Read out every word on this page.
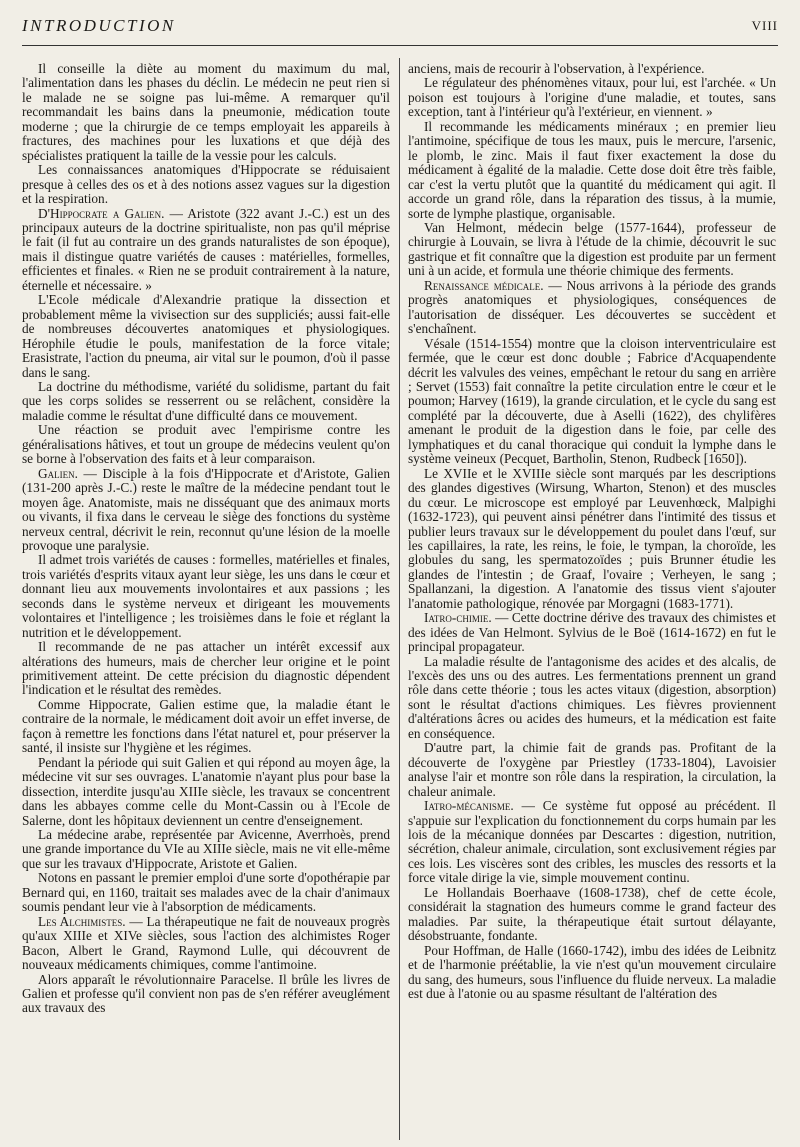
INTRODUCTION	VIII

Il conseille la diète au moment du maximum du mal, l'alimentation dans les phases du déclin. Le médecin ne peut rien si le malade ne se soigne pas lui-même. A remarquer qu'il recommandait les bains dans la pneumonie, médication toute moderne ; que la chirurgie de ce temps employait les appareils à fractures, des machines pour les luxations et que déjà des spécialistes pratiquent la taille de la vessie pour les calculs.

Les connaissances anatomiques d'Hippocrate se réduisaient presque à celles des os et à des notions assez vagues sur la digestion et la respiration.

D'Hippocrate a Galien. — Aristote (322 avant J.-C.) est un des principaux auteurs de la doctrine spiritualiste, non pas qu'il méprise le fait (il fut au contraire un des grands naturalistes de son époque), mais il distingue quatre variétés de causes : matérielles, formelles, efficientes et finales. « Rien ne se produit contrairement à la nature, éternelle et nécessaire. »

L'Ecole médicale d'Alexandrie pratique la dissection et probablement même la vivisection sur des suppliciés; aussi fait-elle de nombreuses découvertes anatomiques et physiologiques. Hérophile étudie le pouls, manifestation de la force vitale; Erasistrate, l'action du pneuma, air vital sur le poumon, d'où il passe dans le sang.

La doctrine du méthodisme, variété du solidisme, partant du fait que les corps solides se resserrent ou se relâchent, considère la maladie comme le résultat d'une difficulté dans ce mouvement.

Une réaction se produit avec l'empirisme contre les généralisations hâtives, et tout un groupe de médecins veulent qu'on se borne à l'observation des faits et à leur comparaison.

Galien. — Disciple à la fois d'Hippocrate et d'Aristote, Galien (131-200 après J.-C.) reste le maître de la médecine pendant tout le moyen âge. Anatomiste, mais ne disséquant que des animaux morts ou vivants, il fixa dans le cerveau le siège des fonctions du système nerveux central, décrivit le rein, reconnut qu'une lésion de la moelle provoque une paralysie.

Il admet trois variétés de causes : formelles, matérielles et finales, trois variétés d'esprits vitaux ayant leur siège, les uns dans le cœur et donnant lieu aux mouvements involontaires et aux passions ; les seconds dans le système nerveux et dirigeant les mouvements volontaires et l'intelligence ; les troisièmes dans le foie et réglant la nutrition et le développement.

Il recommande de ne pas attacher un intérêt excessif aux altérations des humeurs, mais de chercher leur origine et le point primitivement atteint. De cette précision du diagnostic dépendent l'indication et le résultat des remèdes.

Comme Hippocrate, Galien estime que, la maladie étant le contraire de la normale, le médicament doit avoir un effet inverse, de façon à remettre les fonctions dans l'état naturel et, pour préserver la santé, il insiste sur l'hygiène et les régimes.

Pendant la période qui suit Galien et qui répond au moyen âge, la médecine vit sur ses ouvrages. L'anatomie n'ayant plus pour base la dissection, interdite jusqu'au XIIIe siècle, les travaux se concentrent dans les abbayes comme celle du Mont-Cassin ou à l'Ecole de Salerne, dont les hôpitaux deviennent un centre d'enseignement.

La médecine arabe, représentée par Avicenne, Averrhoès, prend une grande importance du VIe au XIIIe siècle, mais ne vit elle-même que sur les travaux d'Hippocrate, Aristote et Galien.

Notons en passant le premier emploi d'une sorte d'opothérapie par Bernard qui, en 1160, traitait ses malades avec de la chair d'animaux soumis pendant leur vie à l'absorption de médicaments.

Les Alchimistes. — La thérapeutique ne fait de nouveaux progrès qu'aux XIIIe et XIVe siècles, sous l'action des alchimistes Roger Bacon, Albert le Grand, Raymond Lulle, qui découvrent de nouveaux médicaments chimiques, comme l'antimoine.

Alors apparaît le révolutionnaire Paracelse. Il brûle les livres de Galien et professe qu'il convient non pas de s'en référer aveuglément aux travaux des

anciens, mais de recourir à l'observation, à l'expérience.

Le régulateur des phénomènes vitaux, pour lui, est l'archée. « Un poison est toujours à l'origine d'une maladie, et toutes, sans exception, tant à l'intérieur qu'à l'extérieur, en viennent. »

Il recommande les médicaments minéraux ; en premier lieu l'antimoine, spécifique de tous les maux, puis le mercure, l'arsenic, le plomb, le zinc. Mais il faut fixer exactement la dose du médicament à égalité de la maladie. Cette dose doit être très faible, car c'est la vertu plutôt que la quantité du médicament qui agit. Il accorde un grand rôle, dans la réparation des tissus, à la mumie, sorte de lymphe plastique, organisable.

Van Helmont, médecin belge (1577-1644), professeur de chirurgie à Louvain, se livra à l'étude de la chimie, découvrit le suc gastrique et fit connaître que la digestion est produite par un ferment uni à un acide, et formula une théorie chimique des ferments.

Renaissance médicale. — Nous arrivons à la période des grands progrès anatomiques et physiologiques, conséquences de l'autorisation de disséquer. Les découvertes se succèdent et s'enchaînent.

Vésale (1514-1554) montre que la cloison interventriculaire est fermée, que le cœur est donc double ; Fabrice d'Acquapendente décrit les valvules des veines, empêchant le retour du sang en arrière ; Servet (1553) fait connaître la petite circulation entre le cœur et le poumon; Harvey (1619), la grande circulation, et le cycle du sang est complété par la découverte, due à Aselli (1622), des chylifères amenant le produit de la digestion dans le foie, par celle des lymphatiques et du canal thoracique qui conduit la lymphe dans le système veineux (Pecquet, Bartholin, Stenon, Rudbeck [1650]).

Le XVIIe et le XVIIIe siècle sont marqués par les descriptions des glandes digestives (Wirsung, Wharton, Stenon) et des muscles du cœur. Le microscope est employé par Leuvenhœck, Malpighi (1632-1723), qui peuvent ainsi pénétrer dans l'intimité des tissus et publier leurs travaux sur le développement du poulet dans l'œuf, sur les capillaires, la rate, les reins, le foie, le tympan, la choroïde, les globules du sang, les spermatozoïdes ; puis Brunner étudie les glandes de l'intestin ; de Graaf, l'ovaire ; Verheyen, le sang ; Spallanzani, la digestion. A l'anatomie des tissus vient s'ajouter l'anatomie pathologique, rénovée par Morgagni (1683-1771).

Iatro-chimie. — Cette doctrine dérive des travaux des chimistes et des idées de Van Helmont. Sylvius de le Boë (1614-1672) en fut le principal propagateur.

La maladie résulte de l'antagonisme des acides et des alcalis, de l'excès des uns ou des autres. Les fermentations prennent un grand rôle dans cette théorie ; tous les actes vitaux (digestion, absorption) sont le résultat d'actions chimiques. Les fièvres proviennent d'altérations âcres ou acides des humeurs, et la médication est faite en conséquence.

D'autre part, la chimie fait de grands pas. Profitant de la découverte de l'oxygène par Priestley (1733-1804), Lavoisier analyse l'air et montre son rôle dans la respiration, la circulation, la chaleur animale.

Iatro-mécanisme. — Ce système fut opposé au précédent. Il s'appuie sur l'explication du fonctionnement du corps humain par les lois de la mécanique données par Descartes : digestion, nutrition, sécrétion, chaleur animale, circulation, sont exclusivement régies par ces lois. Les viscères sont des cribles, les muscles des ressorts et la force vitale dirige la vie, simple mouvement continu.

Le Hollandais Boerhaave (1608-1738), chef de cette école, considérait la stagnation des humeurs comme le grand facteur des maladies. Par suite, la thérapeutique était surtout délayante, désobstruante, fondante.

Pour Hoffman, de Halle (1660-1742), imbu des idées de Leibnitz et de l'harmonie préétablie, la vie n'est qu'un mouvement circulaire du sang, des humeurs, sous l'influence du fluide nerveux. La maladie est due à l'atonie ou au spasme résultant de l'altération des
